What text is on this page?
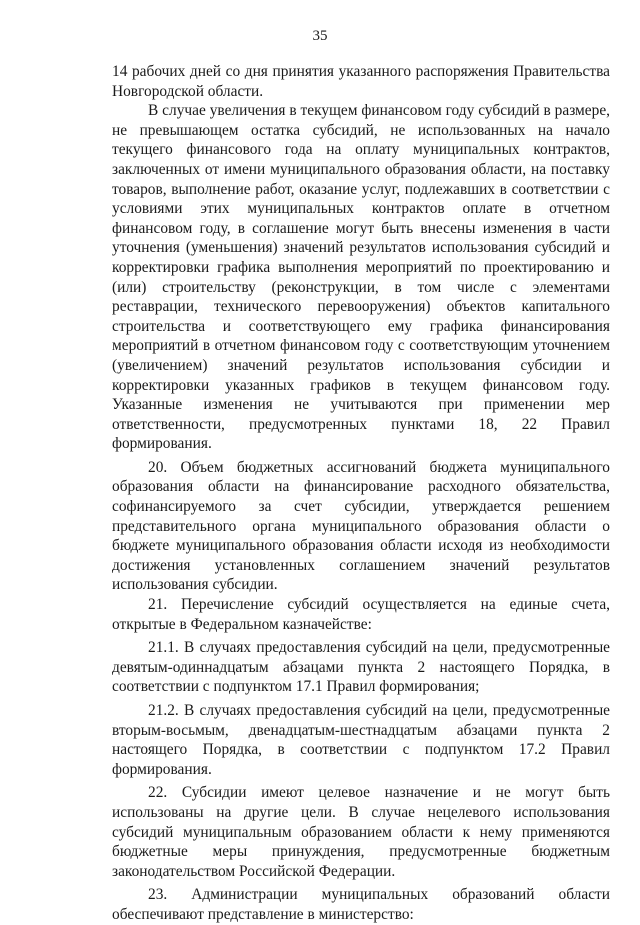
35

14 рабочих дней со дня принятия указанного распоряжения Правительства Новгородской области.

В случае увеличения в текущем финансовом году субсидий в размере, не превышающем остатка субсидий, не использованных на начало текущего финансового года на оплату муниципальных контрактов, заключенных от имени муниципального образования области, на поставку товаров, выполнение работ, оказание услуг, подлежавших в соответствии с условиями этих муниципальных контрактов оплате в отчетном финансовом году, в соглашение могут быть внесены изменения в части уточнения (уменьшения) значений результатов использования субсидий и корректировки графика выполнения мероприятий по проектированию и (или) строительству (реконструкции, в том числе с элементами реставрации, технического перевооружения) объектов капитального строительства и соответствующего ему графика финансирования мероприятий в отчетном финансовом году с соответствующим уточнением (увеличением) значений результатов использования субсидии и корректировки указанных графиков в текущем финансовом году. Указанные изменения не учитываются при применении мер ответственности, предусмотренных пунктами 18, 22 Правил формирования.

20. Объем бюджетных ассигнований бюджета муниципального образования области на финансирование расходного обязательства, софинансируемого за счет субсидии, утверждается решением представительного органа муниципального образования области о бюджете муниципального образования области исходя из необходимости достижения установленных соглашением значений результатов использования субсидии.

21. Перечисление субсидий осуществляется на единые счета, открытые в Федеральном казначействе:

21.1. В случаях предоставления субсидий на цели, предусмотренные девятым-одиннадцатым абзацами пункта 2 настоящего Порядка, в соответствии с подпунктом 17.1 Правил формирования;

21.2. В случаях предоставления субсидий на цели, предусмотренные вторым-восьмым, двенадцатым-шестнадцатым абзацами пункта 2 настоящего Порядка, в соответствии с подпунктом 17.2 Правил формирования.

22. Субсидии имеют целевое назначение и не могут быть использованы на другие цели. В случае нецелевого использования субсидий муниципальным образованием области к нему применяются бюджетные меры принуждения, предусмотренные бюджетным законодательством Российской Федерации.

23. Администрации муниципальных образований области обеспечивают представление в министерство:
